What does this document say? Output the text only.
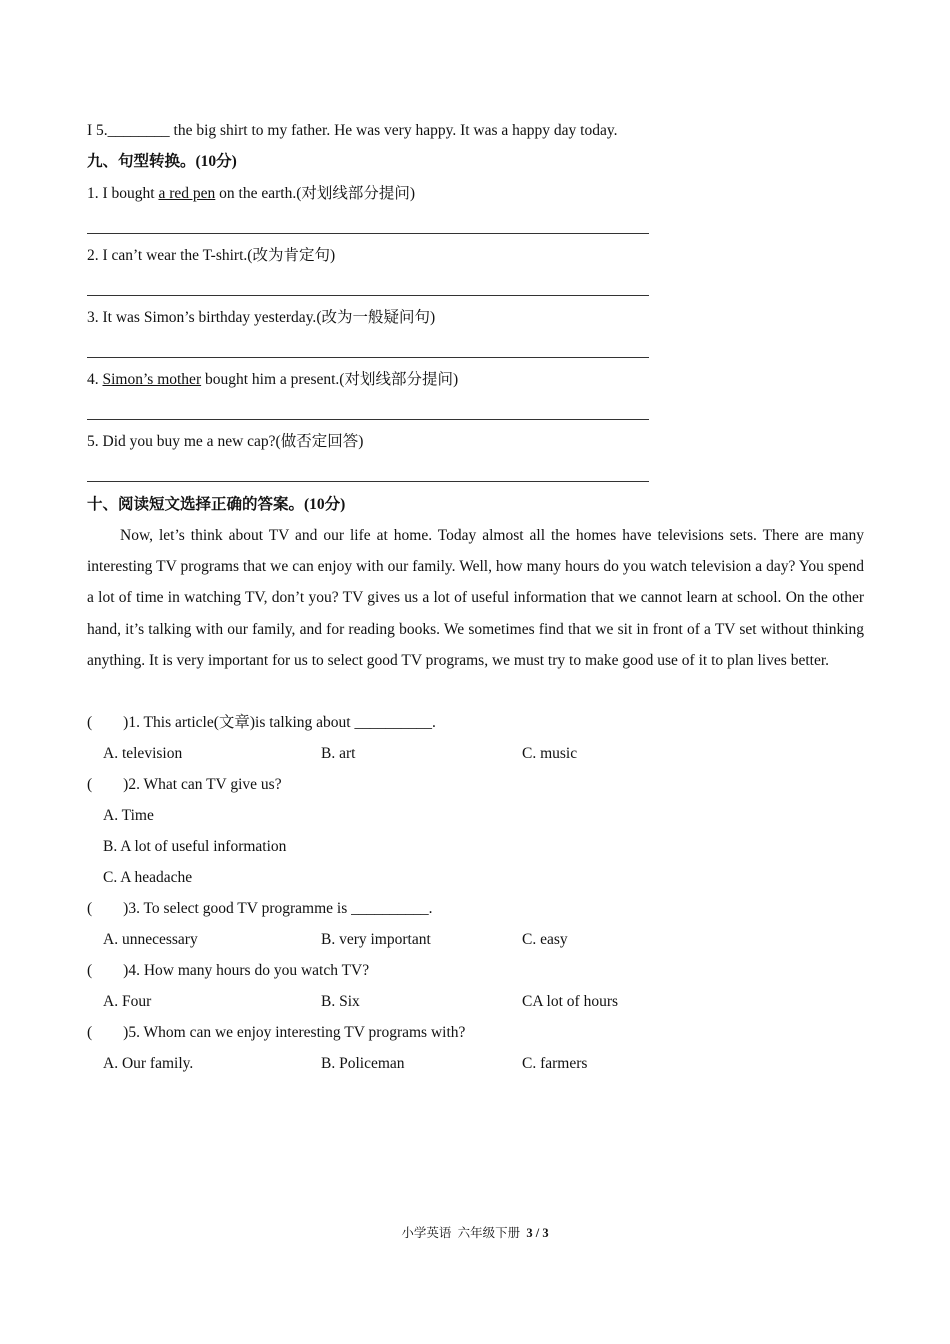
I 5.________ the big shirt to my father. He was very happy. It was a happy day today.
九、句型转换。(10分)
1. I bought a red pen on the earth.(对划线部分提问)
2. I can’t wear the T-shirt.(改为肯定句)
3. It was Simon’s birthday yesterday.(改为一般疑问句)
4. Simon’s mother bought him a present.(对划线部分提问)
5. Did you buy me a new cap?(做否定回答)
十、阅读短文选择正确的答案。(10分)

Now, let’s think about TV and our life at home. Today almost all the homes have televisions sets. There are many interesting TV programs that we can enjoy with our family. Well, how many hours do you watch television a day? You spend a lot of time in watching TV, don’t you? TV gives us a lot of useful information that we cannot learn at school. On the other hand, it’s talking with our family, and for reading books. We sometimes find that we sit in front of a TV set without thinking anything. It is very important for us to select good TV programs, we must try to make good use of it to plan lives better.

(　　)1. This article(文章)is talking about __________.
A. television	B. art	C. music
(　　)2. What can TV give us?
A. Time
B. A lot of useful information
C. A headache
(　　)3. To select good TV programme is __________.
A. unnecessary	B. very important	C. easy
(　　)4. How many hours do you watch TV?
A. Four	B. Six	CA lot of hours
(　　)5. Whom can we enjoy interesting TV programs with?
A. Our family.	B. Policeman	C. farmers
小学英语 六年级下册 3 / 3
